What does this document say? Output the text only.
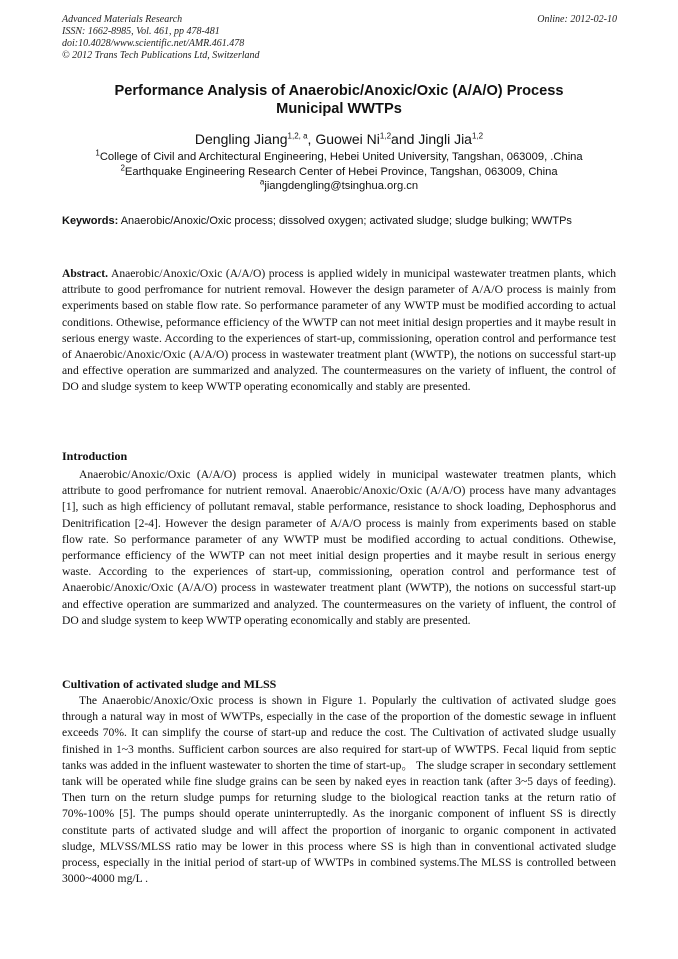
Advanced Materials Research
ISSN: 1662-8985, Vol. 461, pp 478-481
doi:10.4028/www.scientific.net/AMR.461.478
© 2012 Trans Tech Publications Ltd, Switzerland
Online: 2012-02-10
Performance Analysis of Anaerobic/Anoxic/Oxic (A/A/O) Process
Municipal WWTPs
Dengling Jiang$^{1,2, a}$, Guowei Ni$^{1,2}$and Jingli Jia$^{1,2}$
$^1$College of Civil and Architectural Engineering, Hebei United University, Tangshan, 063009, .China
$^2$Earthquake Engineering Research Center of Hebei Province, Tangshan, 063009, China
$^a$jiangdengling@tsinghua.org.cn
Keywords: Anaerobic/Anoxic/Oxic process; dissolved oxygen; activated sludge; sludge bulking; WWTPs
Abstract. Anaerobic/Anoxic/Oxic (A/A/O) process is applied widely in municipal wastewater treatmen plants, which attribute to good perfromance for nutrient removal. However the design parameter of A/A/O process is mainly from experiments based on stable flow rate. So performance parameter of any WWTP must be modified according to actual conditions. Othewise, peformance efficiency of the WWTP can not meet initial design properties and it maybe result in serious energy waste. According to the experiences of start-up, commissioning, operation control and performance test of Anaerobic/Anoxic/Oxic (A/A/O) process in wastewater treatment plant (WWTP), the notions on successful start-up and effective operation are summarized and analyzed. The countermeasures on the variety of influent, the control of DO and sludge system to keep WWTP operating economically and stably are presented.
Introduction
Anaerobic/Anoxic/Oxic (A/A/O) process is applied widely in municipal wastewater treatmen plants, which attribute to good perfromance for nutrient removal. Anaerobic/Anoxic/Oxic (A/A/O) process have many advantages [1], such as high efficiency of pollutant remaval, stable performance, resistance to shock loading, Dephosphorus and Denitrification [2-4]. However the design parameter of A/A/O process is mainly from experiments based on stable flow rate. So performance parameter of any WWTP must be modified according to actual conditions. Othewise, performance efficiency of the WWTP can not meet initial design properties and it maybe result in serious energy waste. According to the experiences of start-up, commissioning, operation control and performance test of Anaerobic/Anoxic/Oxic (A/A/O) process in wastewater treatment plant (WWTP), the notions on successful start-up and effective operation are summarized and analyzed. The countermeasures on the variety of influent, the control of DO and sludge system to keep WWTP operating economically and stably are presented.
Cultivation of activated sludge and MLSS
The Anaerobic/Anoxic/Oxic process is shown in Figure 1. Popularly the cultivation of activated sludge goes through a natural way in most of WWTPs, especially in the case of the proportion of the domestic sewage in influent exceeds 70%. It can simplify the course of start-up and reduce the cost. The Cultivation of activated sludge usually finished in 1~3 months. Sufficient carbon sources are also required for start-up of WWTPS. Fecal liquid from septic tanks was added in the influent wastewater to shorten the time of start-up。 The sludge scraper in secondary settlement tank will be operated while fine sludge grains can be seen by naked eyes in reaction tank (after 3~5 days of feeding). Then turn on the return sludge pumps for returning sludge to the biological reaction tanks at the return ratio of 70%-100% [5]. The pumps should operate uninterruptedly. As the inorganic component of influent SS is directly constitute parts of activated sludge and will affect the proportion of inorganic to organic component in activated sludge, MLVSS/MLSS ratio may be lower in this process where SS is high than in conventional activated sludge process, especially in the initial period of start-up of WWTPs in combined systems.The MLSS is controlled between 3000~4000 mg/L .
